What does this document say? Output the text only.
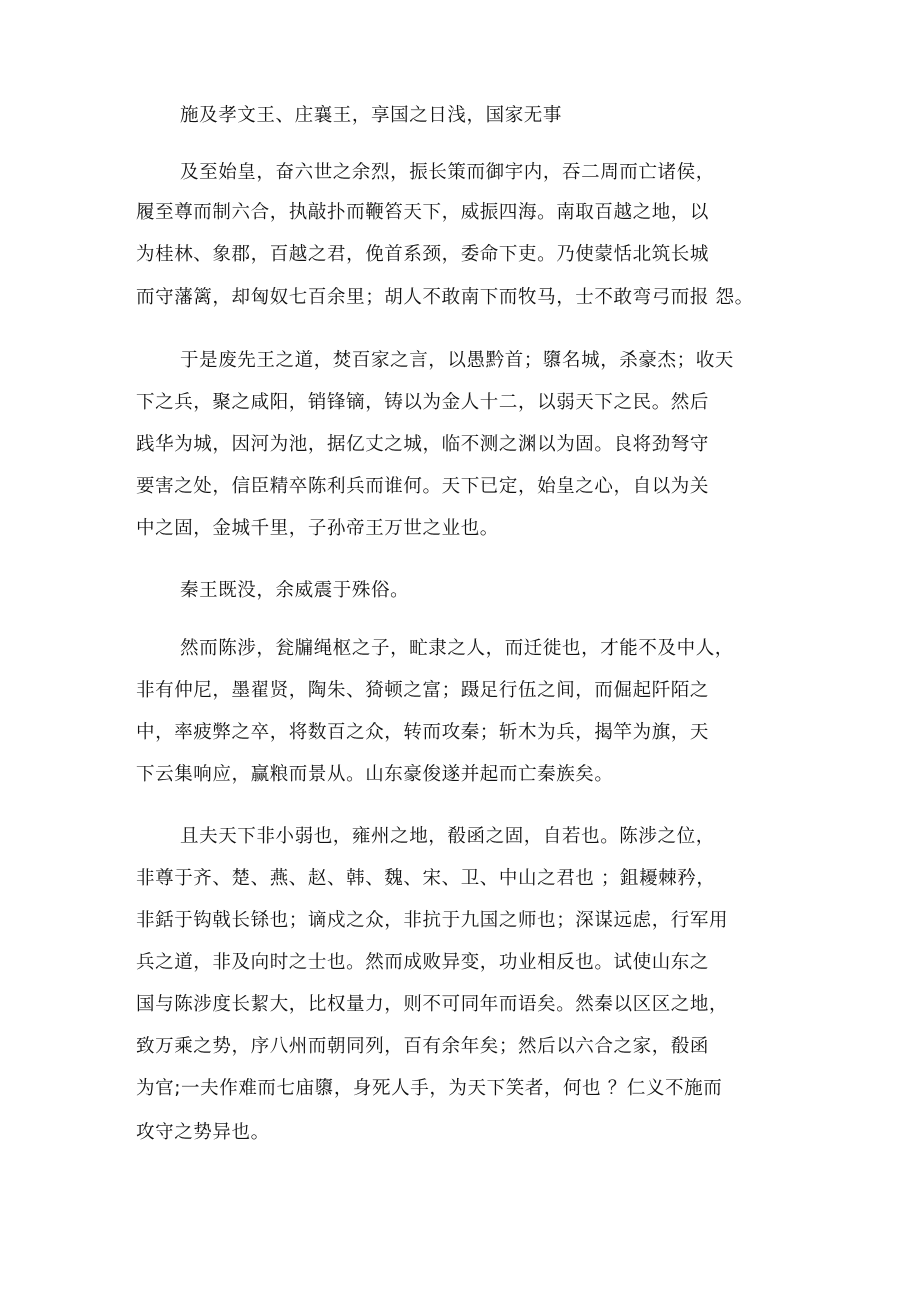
施及孝文王、庄襄王，享国之日浅，国家无事
及至始皇，奋六世之余烈，振长策而御宇内，吞二周而亡诸侯，
履至尊而制六合，执敲扑而鞭笞天下，威振四海。南取百越之地，以
为桂林、象郡，百越之君，俛首系颈，委命下吏。乃使蒙恬北筑长城
而守藩篱，却匈奴七百余里；胡人不敢南下而牧马，士不敢弯弓而报 怨。
于是废先王之道，焚百家之言，以愚黔首；隳名城，杀豪杰；收天
下之兵，聚之咸阳，销锋镝，铸以为金人十二，以弱天下之民。然后
践华为城，因河为池，据亿丈之城，临不测之渊以为固。良将劲弩守
要害之处，信臣精卒陈利兵而谁何。天下已定，始皇之心，自以为关
中之固，金城千里，子孙帝王万世之业也。
秦王既没，余威震于殊俗。
然而陈涉，瓮牖绳枢之子，甿隶之人，而迁徙也，才能不及中人，
非有仲尼，墨翟贤，陶朱、猗顿之富；蹑足行伍之间，而倔起阡陌之
中，率疲弊之卒，将数百之众，转而攻秦；斩木为兵，揭竿为旗，天
下云集响应，赢粮而景从。山东豪俊遂并起而亡秦族矣。
且夫天下非小弱也，雍州之地，殽函之固，自若也。陈涉之位，
非尊于齐、楚、燕、赵、韩、魏、宋、卫、中山之君也 ；鉏耰棘矜，
非銛于钩戟长铩也；谪戍之众，非抗于九国之师也；深谋远虑，行军用
兵之道，非及向时之士也。然而成败异变，功业相反也。试使山东之
国与陈涉度长絜大，比权量力，则不可同年而语矣。然秦以区区之地，
致万乘之势，序八州而朝同列，百有余年矣；然后以六合之家，殽函
为官;一夫作难而七庙隳，身死人手，为天下笑者，何也 ？仁义不施而
攻守之势异也。
